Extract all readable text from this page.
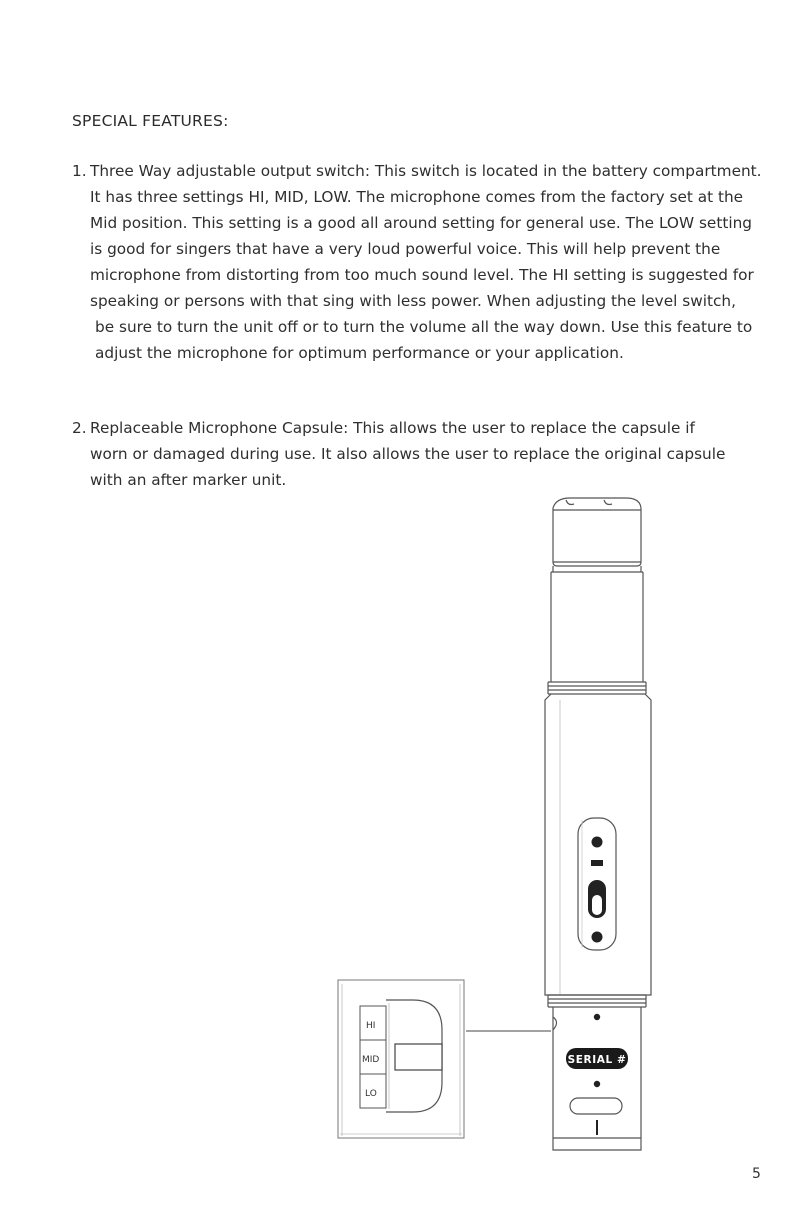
SPECIAL FEATURES:
1. Three Way adjustable output switch: This switch is located in the battery compartment.
It has three settings HI, MID, LOW. The microphone comes from the factory set at the
Mid position. This setting is a good all around setting for general use. The LOW setting
is good for singers that have a very loud powerful voice. This will help prevent the
microphone from distorting from too much sound level. The HI setting is suggested for
speaking or persons with that sing with less power. When adjusting the level switch,
be sure to turn the unit off or to turn the volume all the way down. Use this feature to
adjust the microphone for optimum performance or your application.
2. Replaceable Microphone Capsule: This allows the user to replace the capsule if
worn or damaged during use. It also allows the user to replace the original capsule
with an after marker unit.
SERIAL #
HI
MID
LO
5
